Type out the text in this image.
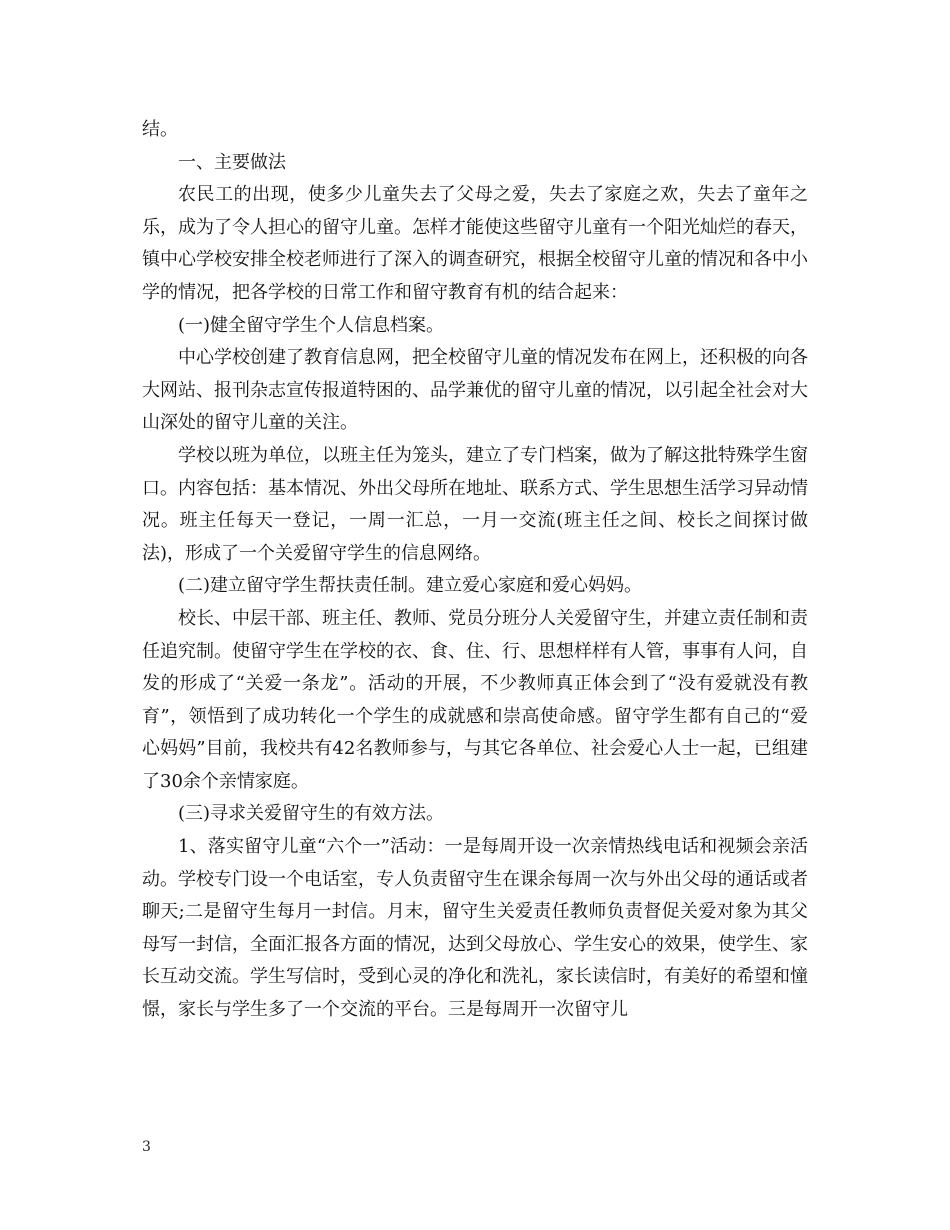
结。

一、主要做法

农民工的出现，使多少儿童失去了父母之爱，失去了家庭之欢，失去了童年之乐，成为了令人担心的留守儿童。怎样才能使这些留守儿童有一个阳光灿烂的春天，镇中心学校安排全校老师进行了深入的调查研究，根据全校留守儿童的情况和各中小学的情况，把各学校的日常工作和留守教育有机的结合起来：

(一)健全留守学生个人信息档案。

中心学校创建了教育信息网，把全校留守儿童的情况发布在网上，还积极的向各大网站、报刊杂志宣传报道特困的、品学兼优的留守儿童的情况，以引起全社会对大山深处的留守儿童的关注。

学校以班为单位，以班主任为笼头，建立了专门档案，做为了解这批特殊学生窗口。内容包括：基本情况、外出父母所在地址、联系方式、学生思想生活学习异动情况。班主任每天一登记，一周一汇总，一月一交流(班主任之间、校长之间探讨做法)，形成了一个关爱留守学生的信息网络。

(二)建立留守学生帮扶责任制。建立爱心家庭和爱心妈妈。

校长、中层干部、班主任、教师、党员分班分人关爱留守生，并建立责任制和责任追究制。使留守学生在学校的衣、食、住、行、思想样样有人管，事事有人问，自发的形成了“关爱一条龙”。活动的开展，不少教师真正体会到了“没有爱就没有教育”，领悟到了成功转化一个学生的成就感和崇高使命感。留守学生都有自己的“爱心妈妈”目前，我校共有42名教师参与，与其它各单位、社会爱心人士一起，已组建了30余个亲情家庭。

(三)寻求关爱留守生的有效方法。

1、落实留守儿童“六个一”活动：一是每周开设一次亲情热线电话和视频会亲活动。学校专门设一个电话室，专人负责留守生在课余每周一次与外出父母的通话或者聊天;二是留守生每月一封信。月末，留守生关爱责任教师负责督促关爱对象为其父母写一封信，全面汇报各方面的情况，达到父母放心、学生安心的效果，使学生、家长互动交流。学生写信时，受到心灵的净化和洗礼，家长读信时，有美好的希望和憧憬，家长与学生多了一个交流的平台。三是每周开一次留守儿

3
